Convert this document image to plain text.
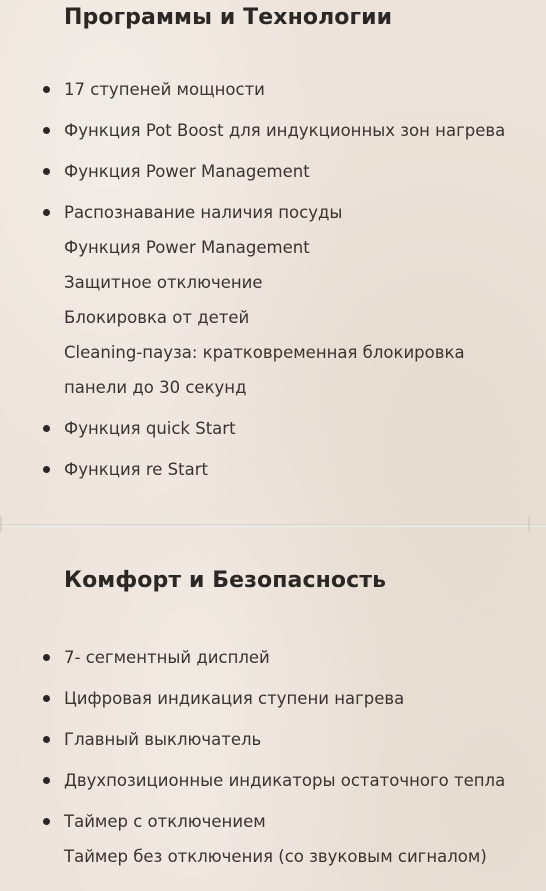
Программы и Технологии
17 ступеней мощности
Функция Pot Boost для индукционных зон нагрева
Функция Power Management
Распознавание наличия посуды
Функция Power Management
Защитное отключение
Блокировка от детей
Cleaning-пауза: кратковременная блокировка
панели до 30 секунд
Функция quick Start
Функция re Start
Комфорт и Безопасность
7- сегментный дисплей
Цифровая индикация ступени нагрева
Главный выключатель
Двухпозиционные индикаторы остаточного тепла
Таймер с отключением
Таймер без отключения (со звуковым сигналом)
